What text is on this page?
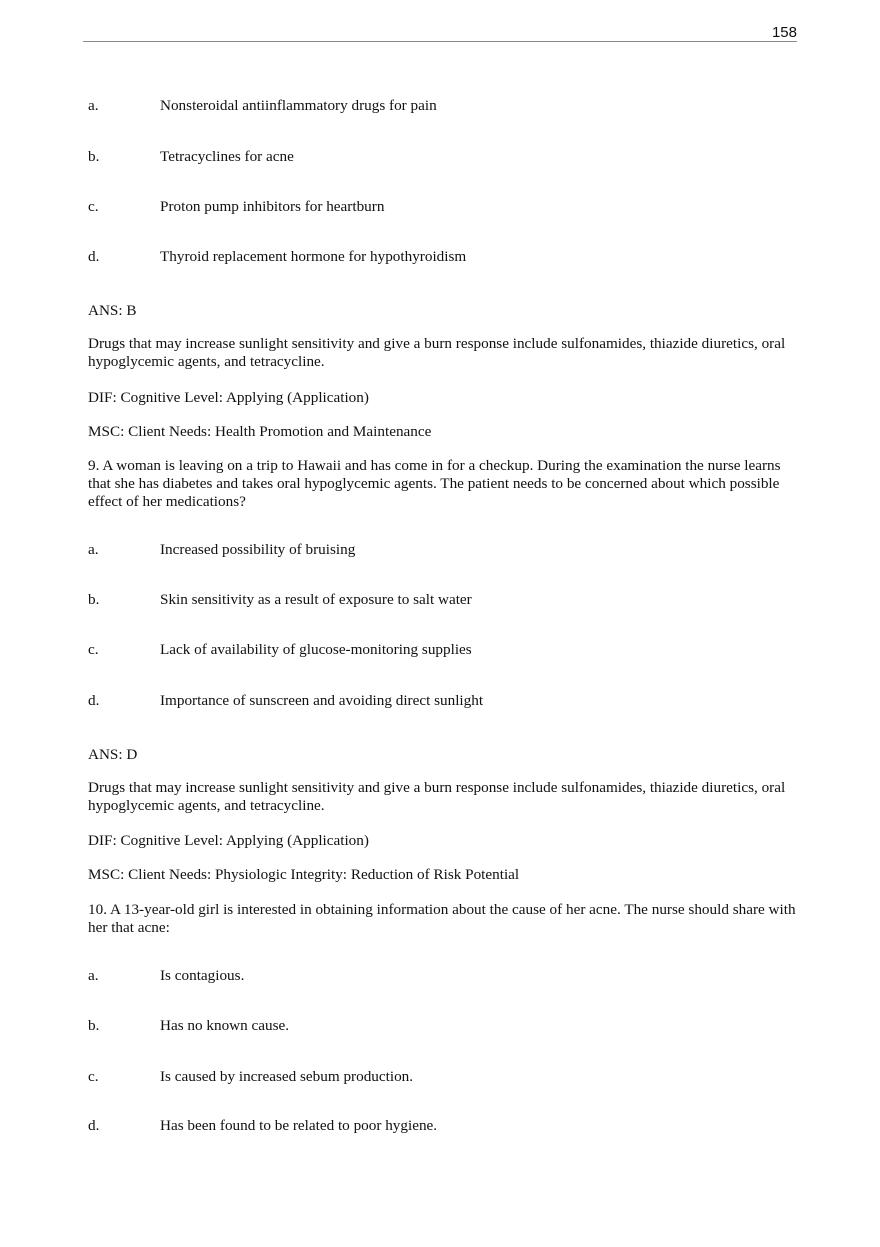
158
a.	Nonsteroidal antiinflammatory drugs for pain
b.	Tetracyclines for acne
c.	Proton pump inhibitors for heartburn
d.	Thyroid replacement hormone for hypothyroidism
ANS: B
Drugs that may increase sunlight sensitivity and give a burn response include sulfonamides, thiazide diuretics, oral hypoglycemic agents, and tetracycline.
DIF: Cognitive Level: Applying (Application)
MSC: Client Needs: Health Promotion and Maintenance
9. A woman is leaving on a trip to Hawaii and has come in for a checkup. During the examination the nurse learns that she has diabetes and takes oral hypoglycemic agents. The patient needs to be concerned about which possible effect of her medications?
a.	Increased possibility of bruising
b.	Skin sensitivity as a result of exposure to salt water
c.	Lack of availability of glucose-monitoring supplies
d.	Importance of sunscreen and avoiding direct sunlight
ANS: D
Drugs that may increase sunlight sensitivity and give a burn response include sulfonamides, thiazide diuretics, oral hypoglycemic agents, and tetracycline.
DIF: Cognitive Level: Applying (Application)
MSC: Client Needs: Physiologic Integrity: Reduction of Risk Potential
10. A 13-year-old girl is interested in obtaining information about the cause of her acne. The nurse should share with her that acne:
a.	Is contagious.
b.	Has no known cause.
c.	Is caused by increased sebum production.
d.	Has been found to be related to poor hygiene.
